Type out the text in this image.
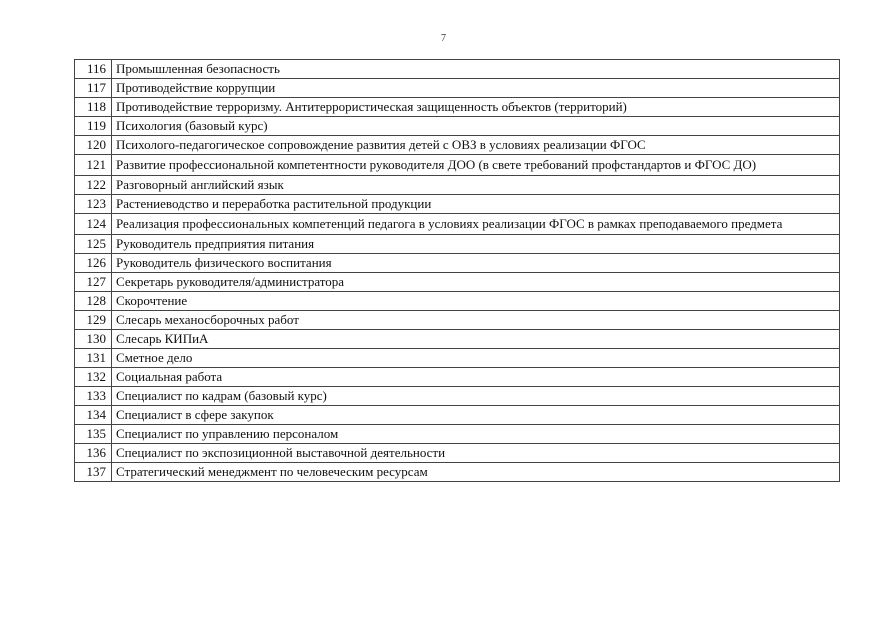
7
116	Промышленная безопасность
117	Противодействие коррупции
118	Противодействие терроризму. Антитеррористическая защищенность объектов (территорий)
119	Психология (базовый курс)
120	Психолого-педагогическое сопровождение развития детей с ОВЗ в условиях реализации ФГОС
121	Развитие профессиональной компетентности руководителя ДОО (в свете требований профстандартов и ФГОС ДО)
122	Разговорный английский язык
123	Растениеводство и переработка растительной продукции
124	Реализация профессиональных компетенций педагога в условиях реализации ФГОС в рамках преподаваемого предмета
125	Руководитель предприятия питания
126	Руководитель физического воспитания
127	Секретарь руководителя/администратора
128	Скорочтение
129	Слесарь механосборочных работ
130	Слесарь КИПиА
131	Сметное дело
132	Социальная работа
133	Специалист по кадрам (базовый курс)
134	Специалист в сфере закупок
135	Специалист по управлению персоналом
136	Специалист по экспозиционной выставочной деятельности
137	Стратегический менеджмент по человеческим ресурсам
